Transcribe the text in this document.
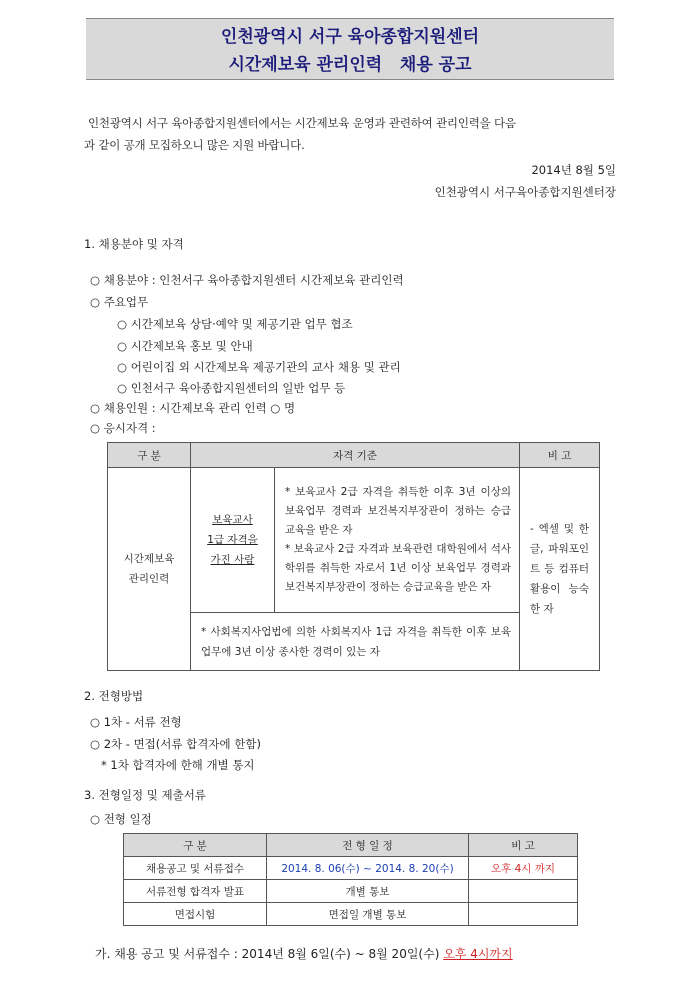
인천광역시 서구 육아종합지원센터
시간제보육 관리인력   채용 공고
인천광역시 서구 육아종합지원센터에서는 시간제보육 운영과 관련하여 관리인력을 다음
과 같이 공개 모집하오니 많은 지원 바랍니다.
2014년 8월 5일
인천광역시 서구육아종합지원센터장
1. 채용분야 및 자격
○ 채용분야 : 인천서구 육아종합지원센터 시간제보육 관리인력
○ 주요업무
○ 시간제보육 상담·예약 및 제공기관 업무 협조
○ 시간제보육 홍보 및 안내
○ 어린이집 외 시간제보육 제공기관의 교사 채용 및 관리
○ 인천서구 육아종합지원센터의 일반 업무 등
○ 채용인원 : 시간제보육 관리 인력 ○ 명
○ 응시자격 :
구 분	자격 기준		비 고
시간제보육
관리인력	보육교사
1급 자격을
가진 사람	* 보육교사 2급 자격을 취득한 이후 3년 이상의 보육업무 경력과 보건복지부장관이 정하는 승급교육을 받은 자
* 보육교사 2급 자격과 보육관련 대학원에서 석사학위를 취득한 자로서 1년 이상 보육업무 경력과 보건복지부장관이 정하는 승급교육을 받은 자	- 엑셀 및 한글, 파워포인트 등 컴퓨터 활용이 능숙한 자
	* 사회복지사업법에 의한 사회복지사 1급 자격을 취득한 이후 보육업무에 3년 이상 종사한 경력이 있는 자		
2. 전형방법
○ 1차 - 서류 전형
○ 2차 - 면접(서류 합격자에 한함)
* 1차 합격자에 한해 개별 통지
3. 전형일정 및 제출서류
○ 전형 일정
구 분	전 형 일 정	비 고
채용공고 및 서류접수	2014. 8. 06(수) ~ 2014. 8. 20(수)	오후 4시 까지
서류전형 합격자 발표	개별 통보	
면접시험	면접일 개별 통보	
가. 채용 공고 및 서류접수 : 2014년 8월 6일(수) ~ 8월 20일(수) 오후 4시까지
